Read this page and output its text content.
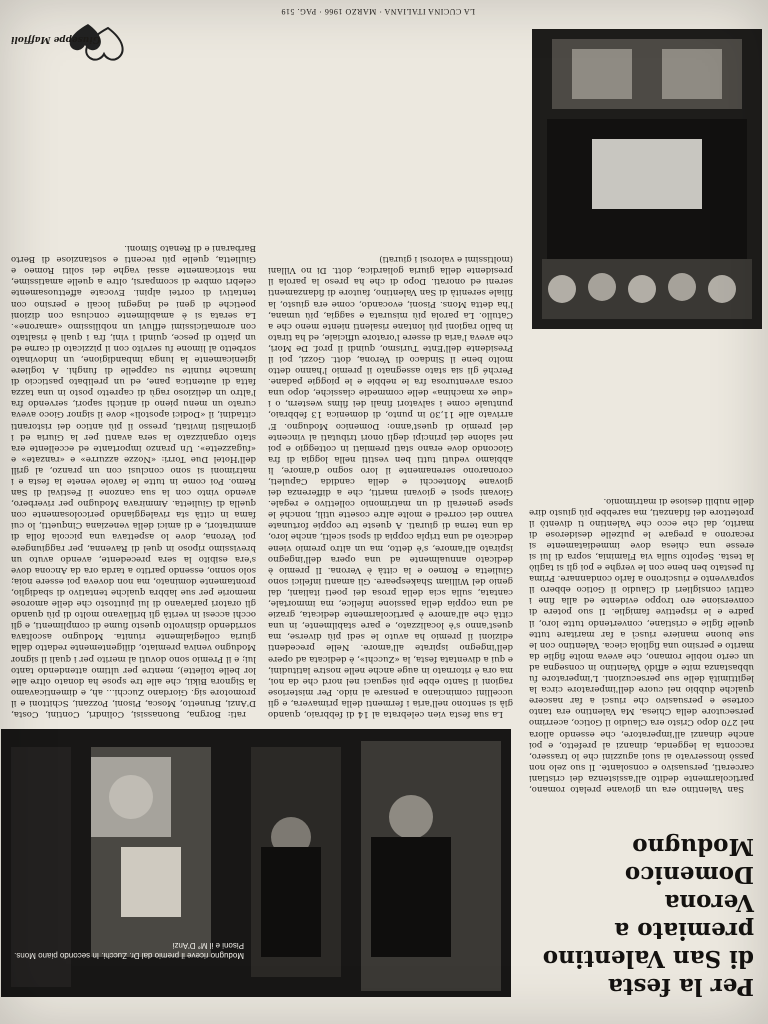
LA CUCINA ITALIANA · MARZO 1966 · PAG. 519
Per la festa
di San Valentino
premiato a Verona
Domenico Modugno
Modugno riceve il premio dal Dr. Zucchi. In secondo piano Mons. Pisoni e il M° D'Anzi

San Valentino era un giovane prelato romano, particolarmente dedito all'assistenza dei cristiani carcerati, persuasivo e consolante. Il suo zelo non passò inosservato ai suoi aguzzini che lo trassero, racconta la leggenda, dinanzi al prefetto, e poi anche dinanzi all'imperatore, che essendo allora nel 270 dopo Cristo era Claudio il Gotico, acerrimo persecutore della Chiesa. Ma Valentino era tanto cortese e persuasivo che riuscì a far nascere qualche dubbio nel cuore dell'imperatore circa la legittimità delle sue persecuzioni. L'imperatore fu ubbastanza mite e affidò Valentino in consegna ad un certo nobile romano, che aveva molte figlie da marito e persino una figliola cieca. Valentino con le sue buone maniere riuscì a far maritare tutte quelle figlie e cristiane, convertendo tutte loro, il padre e le rispettive famiglie. Il suo potere di conversione ero troppo evidente ed alla fine i cattivi consiglieri di Claudio il Gotico ebbero il sopravvento e riuscirono a farlo condannare. Prima fu pestato ben bene con le verghe e poi gli si tagliò la testa. Sepolto sulla via Flaminia, sopra di lui si eresse una chiesa dove immediatamente si recarono a pregare le pulzelle desiderose di marito, dal che ecco che Valentino ti diventò il protettore dei fidanzati, ma sarebbe più giusto dire delle nubili desiose di matrimonio.

La sua festa vien celebrata al 14 di febbraio, quando già si sentono nell'aria i fermenti della primavera, e gli uccellini cominciano a pensare al nido. Per misteriose ragioni il Santo ebbe più seguaci nel nord che da noi, ma ora è ritornato in auge anche nelle nostre latitudini, e qui a diventata festa, la «Zucchi», è dedicata ad opere dell'ingegno ispirate all'amore. Nelle precedenti edizioni il premio ha avuto le sedi più diverse, ma quest'anno s'è localizzato, e pare stabilmente, in una città che all'amore è particolarmente dedicata, grazie ad una coppia della passione infelice, ma immortale, cantata, sulla scia della prosa dei poeti italiani, dal genio del William Shakespeare. Gli amanti infelici sono Giulietta e Romeo e la città è Verona. Il premio è dedicato annualmente ad una opera dell'ingegno ispirato all'amore, s'è detto, ma un altro premio viene dedicato ad una tripla coppia di sposi scelti, anche loro, da una terna di giurati. A queste tre coppie fortunate vanno dei corredi e molte altre cosette utili, nonché le spese generali di un matrimonio collettivo e regale. Giovani sposi e giovani mariti, che a differenza dei giovane Montecchi e della candida Capuleti, coronarono serenamente il loro sogno d'amore, li abbiamo veduti tutti ben vestiti nella loggia di fra Giocondo dove erano stati premiati in cotteggio e poi nel salone dei principi degli onori tributati al vincente del premio di quest'anno: Domenico Modugno. E' arrivato alle 11,30 in punto, di domenica 13 febbraio, puntuale come i salvatori finali dei films western, o i «due ex machina» delle commedie classiche, dopo una corsa avventurosa fra le nebbie e le pioggie padane. Perché gli sia stato assegnato il premio l'hanno detto molto bene il Sindaco di Verona, dott. Gozzi, poi il Presidente dell'Ente Turismo, quindi il prof. De Mori, che aveva l'aria di essere l'oratore ufficiale, ed ha tirato in ballo ragioni più lontane risalenti niente meno che a Catullo. La parola più misurata e saggia, più umana, l'ha detta Mons. Pisoni, evocando, come era giusto, la filiale serenità di San Valentino, fautore di fidanzamenti sereni ed onorati. Dopo di che ha preso la parola il presidente della giuria goliardica, dott. Di no Villani (moltissimi e valorosi i giurati)

rati: Borgna, Buonassisi, Colindri, Contini, Costa, D'Anzi, Brunetto, Mosca, Pisoni, Pozzani, Schittoni e il promotore sig. Giordano Zucchi... ah, e dimenticavamo la Signora Bikii, che alle tre spose ha donato oltre alle lor belle toilette), mentre per ultimo attendendo tanto lui; e il Premio sono dovuti al merito per i quali il signor Modugno veniva premiato, diligentemente redatto dalla giuria collegialmente riunita. Modugno ascoltava sorridendo disinvolto questo fiume di complimenti, e gli occhi accesi in verità gli brillavano molto di più quando gli oratori parlavano di lui piuttosto che delle amorose memorie per sue labbra qualche tentativo di sbadiglio, prontamente dominato, ma non doveva poi essere noia; solo sonno, essendo partito a tarda ora da Ancona dove s'era esibito la sera precedente, avendo avuto un brevissimo riposo in quel di Ravenna, per raggiungere poi Verona, dove lo aspettava una piccola folla di ammiratori, e di amici della veneziana Cinquetti, lo cui fama in città sta rivaleggiando pericolosamente con quella di Giulietta. Ammirava Modugno per riverbero, avendo vinto con la sua canzone il Festival di San Remo. Poi come in tutte le favole venete la festa e i matrimoni si sono conclusi con un pranzo, al grill dell'Hotel Due Torri: «Nozze azzurre» e «ranzate» e «fugazzette». Un pranzo importante ed eccellente era stato organizzato la sera avanti per la Giuria ed i giornalisti invitati, presso il più antico dei ristoranti cittadini, il «Dodici apostoli» dove il signor Gioco aveva curato un menu pieno di antichi sapori, servendo fra l'altro un delizioso ragù di capretto posto in una tazza fatta di autentica pane, ed un prelibato pasticcio di lumache riunite su cappelle di funghi. A togliere igienicamente la lunga imbandigione, un indovinato sorbetto al limone fu servito con il pizzicato di carne ed un piatto di pesce, quindi i vini, fra i quali è risaltato con aromaticissimi effluvi un nobilissimo «amarone». La serata si è amabilmente conclusa con dizioni poetiche di geni ed ingegni locali e persino con tentativi di cortei alpini. Evocate affettuosamente celebri ombre di scomparsi, oltre a quelle amatissime, ma storicamente assai vaghe dei soliti Romeo e Giulietta, quelle più recenti e sostanziose di Berto Barbarani e di Renato Simoni.

Giuseppe Maffioli
